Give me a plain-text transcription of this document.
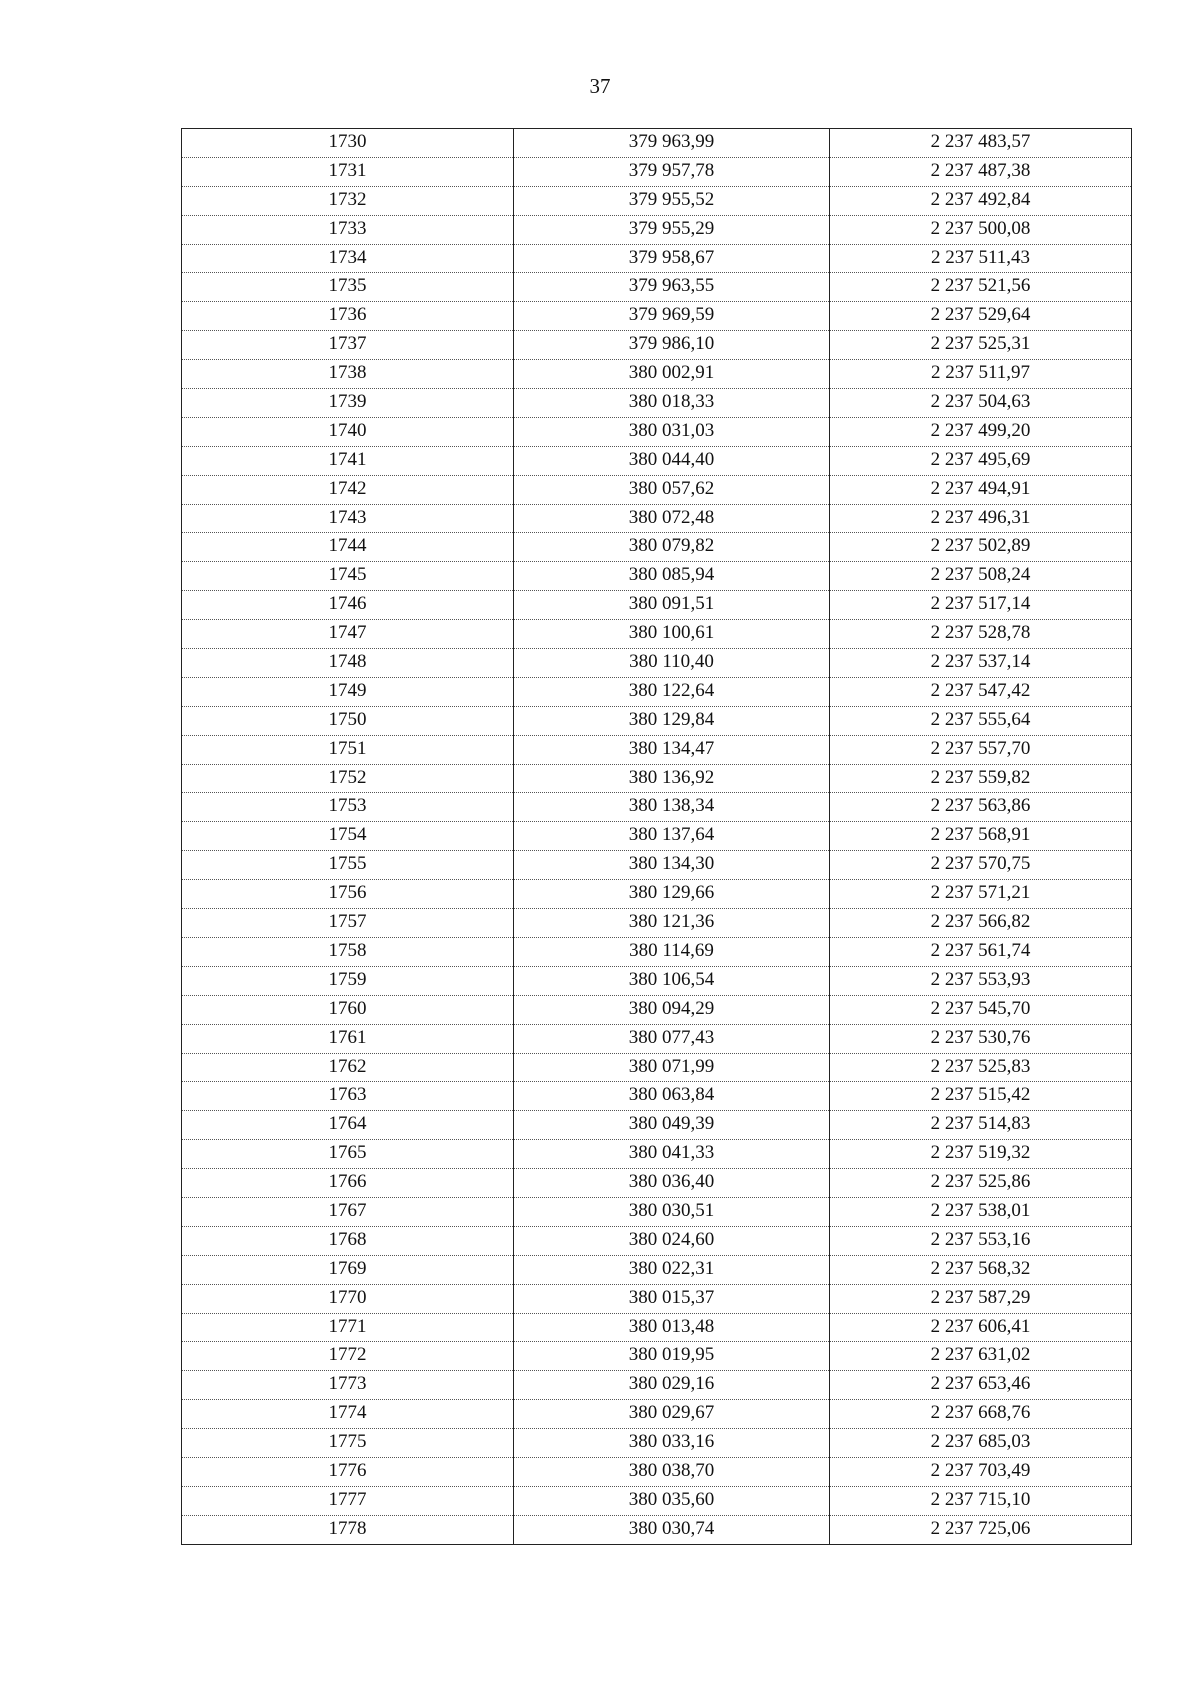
37
1730	379 963,99	2 237 483,57
1731	379 957,78	2 237 487,38
1732	379 955,52	2 237 492,84
1733	379 955,29	2 237 500,08
1734	379 958,67	2 237 511,43
1735	379 963,55	2 237 521,56
1736	379 969,59	2 237 529,64
1737	379 986,10	2 237 525,31
1738	380 002,91	2 237 511,97
1739	380 018,33	2 237 504,63
1740	380 031,03	2 237 499,20
1741	380 044,40	2 237 495,69
1742	380 057,62	2 237 494,91
1743	380 072,48	2 237 496,31
1744	380 079,82	2 237 502,89
1745	380 085,94	2 237 508,24
1746	380 091,51	2 237 517,14
1747	380 100,61	2 237 528,78
1748	380 110,40	2 237 537,14
1749	380 122,64	2 237 547,42
1750	380 129,84	2 237 555,64
1751	380 134,47	2 237 557,70
1752	380 136,92	2 237 559,82
1753	380 138,34	2 237 563,86
1754	380 137,64	2 237 568,91
1755	380 134,30	2 237 570,75
1756	380 129,66	2 237 571,21
1757	380 121,36	2 237 566,82
1758	380 114,69	2 237 561,74
1759	380 106,54	2 237 553,93
1760	380 094,29	2 237 545,70
1761	380 077,43	2 237 530,76
1762	380 071,99	2 237 525,83
1763	380 063,84	2 237 515,42
1764	380 049,39	2 237 514,83
1765	380 041,33	2 237 519,32
1766	380 036,40	2 237 525,86
1767	380 030,51	2 237 538,01
1768	380 024,60	2 237 553,16
1769	380 022,31	2 237 568,32
1770	380 015,37	2 237 587,29
1771	380 013,48	2 237 606,41
1772	380 019,95	2 237 631,02
1773	380 029,16	2 237 653,46
1774	380 029,67	2 237 668,76
1775	380 033,16	2 237 685,03
1776	380 038,70	2 237 703,49
1777	380 035,60	2 237 715,10
1778	380 030,74	2 237 725,06
